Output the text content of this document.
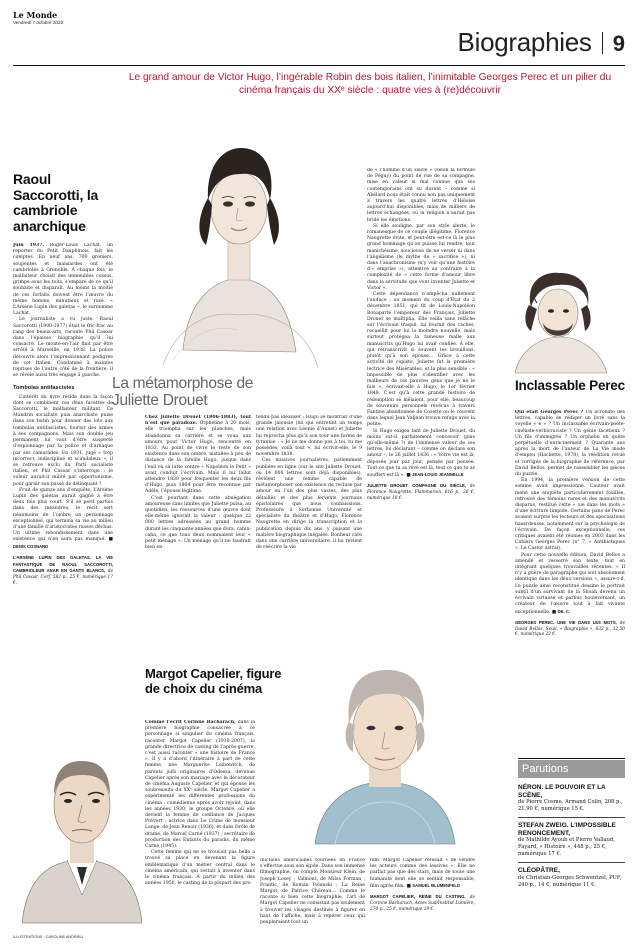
Le Monde
Vendredi 7 octobre 2022
Biographies 9
Le grand amour de Victor Hugo, l’ingérable Robin des bois italien, l’inimitable Georges Perec et un pilier du cinéma français du XXᵉ siècle : quatre vies à (re)découvrir
Raoul Saccorotti, la cambriole anarchique

Juin 1937. Roger-Louis Lachat, un reporter du Petit Dauphinois, fait les comptes. En neuf ans, 700 greniers, soupentes et mansardes ont été cambriolés à Grenoble. À chaque fois, le malfaiteur choisit des immeubles cossus, grimpe sous les toits, s’empare de ce qu’il souhaite et disparaît. Au moins la moitié de ces forfaits doivent être l’œuvre du même homme, minutieux et rusé. « L’Arsène Lupin des galetas », le surnomme Lachat.

Le journaliste a vu juste. Raoul Saccorotti (1900-1977) était le fric-frac au rang des beaux-arts, raconte Phil Casoar dans l’épaisse biographie qu’il lui consacre. Le monte-en-l’air finit par être arrêté à Marseille, en 1938. La police découvre alors l’impressionnant pedigree de cet Italien. Condamné à maintes reprises de l’autre côté de la frontière, il se révèle aussi très engagé à gauche.

Tombolas antifascistes

L’intérêt du livre réside dans la façon dont se combinent ces deux facettes de Saccorotti, le malfaiteur militant. Ce Mandrin socialiste puis anarchiste puise dans son butin pour donner des lots aux tombolas antifascistes, fournir des armes à ses compagnons. Mais son double jeu permanent lui vaut d’être suspecté d’espionnage par la police et d’arnaque par ses camarades. En 1931, jugé « trop incorrect, indiscipliné et scandaleux », il se retrouve exclu du Parti socialiste italien, et Phil Casoar s’interroge : le voleur aurait-il milité par opportunisme, pour garnir son passé de délinquant ?

Fruit de quinze ans d’enquête, L’Arsène Lupin des galetas aurait gagné à être deux fois plus court. S’il se perd parfois dans des méandres, le récit sert néanmoins de l’ombre un personnage exceptionnel, qui termina sa vie au milieu d’une famille d’aristocrates russes déchus. Un ultime rebondissement dans une existence qui n’en aura pas manqué. ■ DENIS COSNARD

L’ARSÈNE LUPIN DES GALETAS. LA VIE FANTASTIQUE DE RAOUL SACCOROTTI, CAMBRIOLEUR ANAR EN GANTS BLANCS, de Phil Casoar, Cerf, 582 p., 25 €, numérique 17 €.
La métamorphose de Juliette Drouet

Chez Juliette Drouet (1806-1883), tout n’est que paradoxe. Orpheline à 20 mois, elle triompha sur les planches, mais abandonna sa carrière et se voua aux amours pour Victor Hugo, rencontré en 1833. Au point de vivre le reste de son existence dans son ombre, installée à peu de distance de la famille Hugo, jusque dans l’exil où sa lutte contre « Napoléon le Petit » avait conduit l’écrivain. Mais il lui fallut attendre 1839 pour fréquenter les deux fils d’Hugo, puis 1864 pour être reconnue par Adèle, l’épouse légitime.

C’est pourtant dans cette abnégation amoureuse sans limites que Juliette puisa, au quotidien, les ressources d’une œuvre dont elle-même ignorait la valeur : quelque 22 000 lettres adressées au grand homme durant les cinquante années que dura, cahin-caha, ce que tous deux nommaient leur « petit ménage ». Un ménage qu’il ne faudrait bien en-

tendu pas idéaliser : Hugo se montrait d’une grande jalousie (lui qui entretint un temps une relation avec Léonie d’Aunet) et Juliette lui reprocha plus qu’à son tour une forme de tyrannie : « Je ne me donne pas à toi, tu me possèdes, voilà tout », lui écrivit-elle, le 9 novembre 1838.

Ces missives journalières, patiemment publiées en ligne (sur le site Juliette Drouet, où 14 000 lettres sont déjà disponibles), révèlent une femme capable de métamorphoser son existence de recluse par amour en l’un des plus vastes, des plus détaillés et des plus fervents journaux épistolaires que nous connaissions. Professeure à Sorbonne Université et spécialiste du théâtre et d’Hugo, Florence Naugrette en dirige la transcription et la publication depuis dix ans, y puisant une matière biographique inégalée. Bonheur rare dans une carrière universitaire, il lui revient de réécrire la vie

de « l’homme d’un siècle » (selon la formule de Péguy) du point de vue de sa compagne, mise en valeur si mal connue que ses contemporains ont su durant – comme si Abélard nous était connu non pas uniquement à travers les quatre lettres d’Héloïse aujourd’hui disponibles, mais de milliers de lettres échangées, où la religion n’aurait pas bridé les émotions.

Si elle souligne, par son style alerte, le romanesque de ce couple illégitime, Florence Naugrette évite, et peut-être est-ce là le plus grand hommage qu’on puisse lui rendre, tout manichéisme, soucieuse de ne verser ni dans l’angélisme (le mythe du « sacrifice »), ni dans l’anachronisme (n’y voir qu’une histoire d’« emprise »), attentive au contraire à la complexité de « cette forme d’amour libre dans la servitude que vont inventer Juliette et Victor ».

Cette dépendance n’empêcha nullement l’audace : au moment du coup d’État du 2 décembre 1851, qui fit de Louis-Napoléon Bonaparte l’empereur des Français, Juliette Drouet se multiplia. Elle veilla sans relâche sur l’écrivain traqué, lui fournit des caches, recueillit pour lui la moindre nouvelle, mais surtout protégea la fameuse malle aux manuscrits qu’Hugo lui avait confiée. À elle, qui retranscrivit si souvent les brouillons, plutôt qu’à son épouse… Grâce à cette activité de copiste, Juliette fut la première lectrice des Misérables, et la plus sensible : « impossible de plus s’identifier avec les malheurs de ces pauvres gens que je ne le fais », écrivait-elle à Hugo, le 1er février 1848. C’est qu’à cette grande histoire de rédemption se mêlaient, pour elle, beaucoup de souvenirs personnels revécus à travers Fantine abandonnée de Cosette ou le couvent dans lequel Jean Valjean trouve refuge avec la petite.

Si Hugo exigea tant de Juliette Drouet, du moins sut-il parfaitement concevoir (plus qu’elle-même ?) de l’immense valeur de ses lettres, lui déclarant – comme on déclare son amour –, le 26 juillet 1836 : « Votre vie est là, déposée jour par jour, pensée par pensée. Tout ce que tu as rêvé est là, tout ce que tu as souffert est là ». ■ JEAN-LOUIS JEANNELLE

JULIETTE DROUET. COMPAGNE DU SIÈCLE, de Florence Naugrette, Flammarion, 616 p., 26 €, numérique 18 €.
Inclassable Perec

Qui était Georges Perec ? Un acrobate des lettres, capable de rédiger un livre sans la voyelle « e » ? Un inclassable écrivain-poète-cinéaste-verbicruciste ? Un génie facétieux ? Un fils d’immigrés ? Un orphelin en quête perpétuelle d’enracinement ? Quarante ans après la mort de l’auteur de La Vie mode d’emploi (Hachette, 1978), la réédition revue et corrigée de la biographie de référence, par David Bellos, permet de rassembler les pièces du puzzle.

En 1994, la première version de cette somme avait impressionné. L’auteur avait mené une enquête particulièrement fouillée, retrouvé des témoins rares et des manuscrits disparus, restitué cette « vie dans les mots » d’une écriture limpide. Certains pans de Perec avaient surpris les lecteurs et des spéculations hasardeuses, notamment sur la psychologie de l’écrivain. De façon exceptionnelle, ces critiques avaient été réunies en 2003 dans les Cahiers Georges Perec (n° 7, « Antibiotiques », Le Castor astral).

Pour cette nouvelle édition, David Bellos a amendé et resserré son texte, tout en intégrant quelques trouvailles récentes. « Il n’y a guère de paragraphe qui soit absolument identique dans les deux versions », assure-t-il. Le puzzle ainsi reconstitué dessine le portrait subtil d’un survivant de la Shoah devenu un écrivain virtuose et parfois bouleversant, un créateur de l’œuvre tout à fait vivante exceptionnelle. ■ DE. C.

GEORGES PEREC. UNE VIE DANS LES MOTS, de David Bellos, Seuil, « Biographie », 832 p., 32,50 €, numérique 22 €.
Parutions
NÉRON. LE POUVOIR ET LA SCÈNE,
de Pierre Cosme, Armand Colin, 208 p., 21,90 €, numérique 15 €.
STEFAN ZWEIG. L’IMPOSSIBLE RENONCEMENT,
de Mathilde Ayoub et Pierre Vallaud, Fayard, « Histoire », 448 p., 25 €, numérique 17 €.
CLÉOPÂTRE,
de Christian-Georges Schwentzel, PUF, 240 p., 14 €, numérique 11 €.
ILLUSTRATIONS : CAROLINE ANDRIEU
Margot Capelier, figure de choix du cinéma

Comme l’écrit Corinne Bacharach, dans la première biographie consacrée à ce personnage si singulier du cinéma français, raconter Margot Capelier (1910-2007), la grande directrice de casting de l’après-guerre, c’est aussi raconter « une histoire de France ». Il y a d’abord l’itinéraire à part de cette femme, née Marguerite Leibowitch, de parents juifs originaires d’Odessa, devenue Capelier après son mariage avec le décorateur de cinéma Auguste Capelier, et qui épouse les soubresauts du XXᵉ siècle. Margot Capelier a expérimenté les différentes professions du cinéma : comédienne après avoir rejoint, dans les années 1930, le groupe Octobre, où elle devient la femme de confiance de Jacques Prévert ; actrice dans Le Crime de monsieur Lange, de Jean Renoir (1936), et dans Drôle de drame, de Marcel Carné (1937) ; secrétaire de production des Enfants du paradis, du même Carné (1945).

Cette femme qui ne se trouvait pas belle a trouvé sa place en devenant la figure emblématique d’un métier central dans le cinéma américain, qui restait à inventer dans le cinéma français. À partir du milieu des années 1950, le casting de la plupart des pro-

ductions américaines tournées en France s’effectue sous son égide. Dans son immense filmographie, on compte Monsieur Klein, de Joseph Losey ; Valmont, de Milos Forman ; Frantic, de Roman Polanski ; La Reine Margot, de Patrice Chéreau… Comme le raconte si bien cette biographie, l’art de Margot Capelier ne consistait pas seulement à trouver les visages destinés à figurer en haut de l’affiche, mais à repérer ceux qui peupleraient tout un

film. Margot Capelier refusait « de vendre les acteurs comme des lessives ». Elle ne parlait pas que des stars, mais de toute une humanité dont elle se sentait responsable, film après film. ■ SAMUEL BLUMENFELD

MARGOT CAPELIER, REINE DU CASTING, de Corinne Bacharach, Actes Sud/Institut Lumière, 270 p., 25 €, numérique 19 €.
